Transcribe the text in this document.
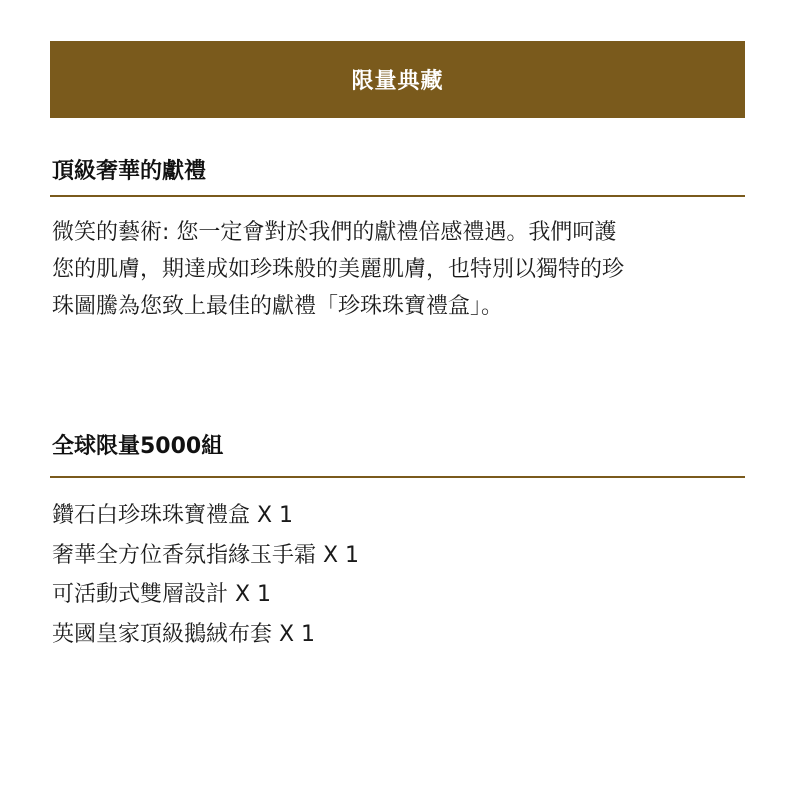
限量典藏
頂級奢華的獻禮
微笑的藝術: 您一定會對於我們的獻禮倍感禮遇。我們呵護
您的肌膚，期達成如珍珠般的美麗肌膚，也特別以獨特的珍
珠圖騰為您致上最佳的獻禮「珍珠珠寶禮盒」。
全球限量5000組
鑽石白珍珠珠寶禮盒 X 1
奢華全方位香氛指緣玉手霜 X 1
可活動式雙層設計 X 1
英國皇家頂級鵝絨布套 X 1
